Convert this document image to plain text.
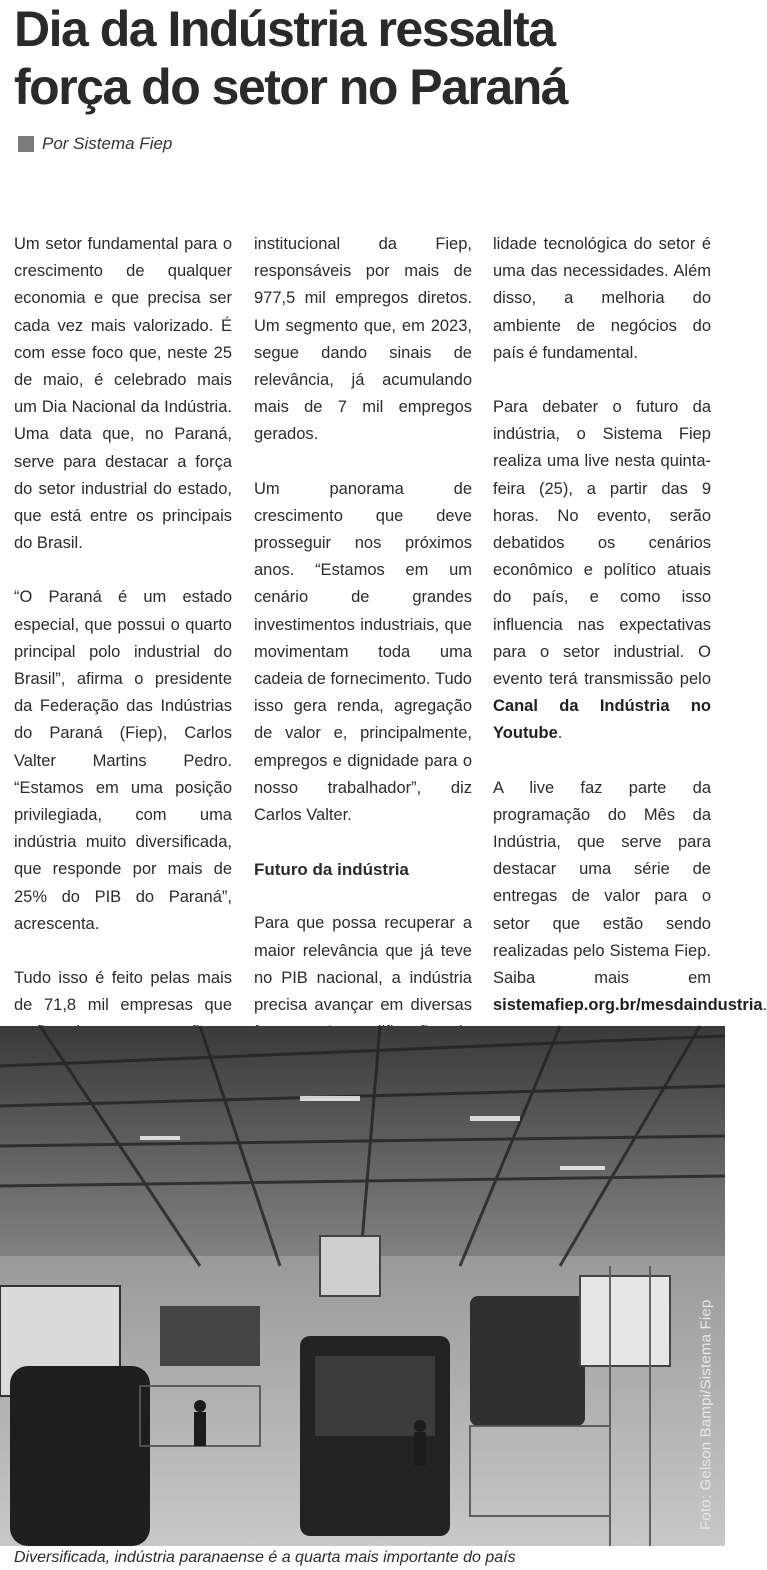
Dia da Indústria ressalta
força do setor no Paraná
Por Sistema Fiep

Um setor fundamental para o crescimento de qualquer economia e que precisa ser cada vez mais valorizado. É com esse foco que, neste 25 de maio, é celebrado mais um Dia Nacional da Indústria. Uma data que, no Paraná, serve para destacar a força do setor industrial do estado, que está entre os principais do Brasil.

“O Paraná é um estado especial, que possui o quarto principal polo industrial do Brasil”, afirma o presidente da Federação das Indústrias do Paraná (Fiep), Carlos Valter Martins Pedro. “Estamos em uma posição privilegiada, com uma indústria muito diversificada, que responde por mais de 25% do PIB do Paraná”, acrescenta.

Tudo isso é feito pelas mais de 71,8 mil empresas que

institucional da Fiep, responsáveis por mais de 977,5 mil empregos diretos. Um segmento que, em 2023, segue dando sinais de relevância, já acumulando mais de 7 mil empregos gerados.

Um panorama de crescimento que deve prosseguir nos próximos anos. “Estamos em um cenário de grandes investimentos industriais, que movimentam toda uma cadeia de fornecimento. Tudo isso gera renda, agregação de valor e, principalmente, empregos e dignidade para o nosso trabalhador”, diz Carlos Valter.

Futuro da indústria

Para que possa recuperar a maior relevância que já teve no PIB nacional, a indústria precisa avançar em diversas

lidade tecnológica do setor é uma das necessidades. Além disso, a melhoria do ambiente de negócios do país é fundamental.

Para debater o futuro da indústria, o Sistema Fiep realiza uma live nesta quinta-feira (25), a partir das 9 horas. No evento, serão debatidos os cenários econômico e político atuais do país, e como isso influencia nas expectativas para o setor industrial. O evento terá transmissão pelo Canal da Indústria no Youtube.

A live faz parte da programação do Mês da Indústria, que serve para destacar uma série de entregas de valor para o setor que estão sendo realizadas pelo Sistema Fiep. Saiba mais em sistemafiep.org.br/mesdaindustria.

Foto: Gelson Bampi/Sistema Fiep
Diversificada, indústria paranaense é a quarta mais importante do país
